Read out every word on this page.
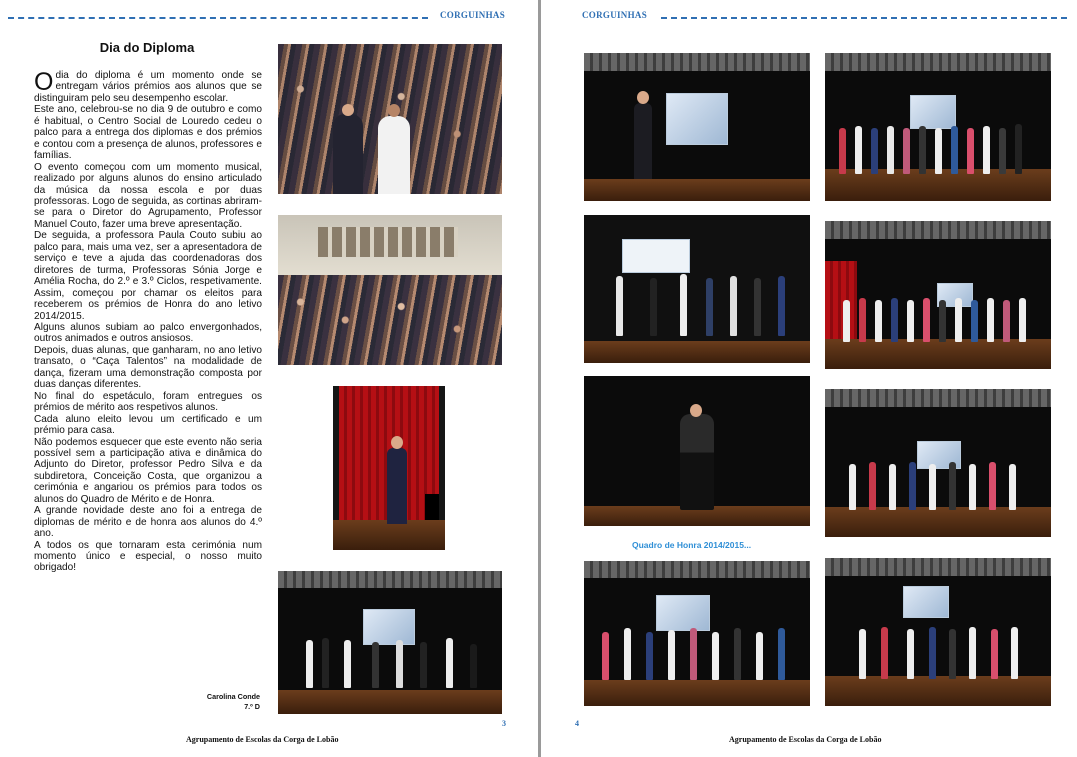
CORGUINHAS
Dia do Diploma

Odia do diploma é um momento onde se entregam vários prémios aos alunos que se distinguiram pelo seu desempenho escolar.

Este ano, celebrou-se no dia 9 de outubro e como é habitual, o Centro Social de Louredo cedeu o palco para a entrega dos diplomas e dos prémios e contou com a presença de alunos, professores e famílias.

O evento começou com um momento musical, realizado por alguns alunos do ensino articulado da música da nossa escola e por duas professoras. Logo de seguida, as cortinas abriram-se para o Diretor do Agrupamento, Professor Manuel Couto, fazer uma breve apresentação.

De seguida, a professora Paula Couto subiu ao palco para, mais uma vez, ser a apresentadora de serviço e teve a ajuda das coordenadoras dos diretores de turma, Professoras Sónia Jorge e Amélia Rocha, do 2.º e 3.º Ciclos, respetivamente. Assim, começou por chamar os eleitos para receberem os prémios de Honra do ano letivo 2014/2015.

Alguns alunos subiam ao palco envergonhados, outros animados e outros ansiosos.

Depois, duas alunas, que ganharam, no ano letivo transato, o “Caça Talentos” na modalidade de dança, fizeram uma demonstração composta por duas danças diferentes.

No final do espetáculo, foram entregues os prémios de mérito aos respetivos alunos.

Cada aluno eleito levou um certificado e um prémio para casa.

Não podemos esquecer que este evento não seria possível sem a participação ativa e dinâmica do Adjunto do Diretor, professor Pedro Silva e da subdiretora, Conceição Costa, que organizou a cerimónia e angariou os prémios para todos os alunos do Quadro de Mérito e de Honra.

A grande novidade deste ano foi a entrega de diplomas de mérito e de honra aos alunos do 4.º ano.

A todos os que tornaram esta cerimónia num momento único e especial, o nosso muito obrigado!

Carolina Conde
7.º D
3
Agrupamento de Escolas da Corga de Lobão
CORGUINHAS
4
Agrupamento de Escolas da Corga de Lobão
Quadro de Honra 2014/2015...
